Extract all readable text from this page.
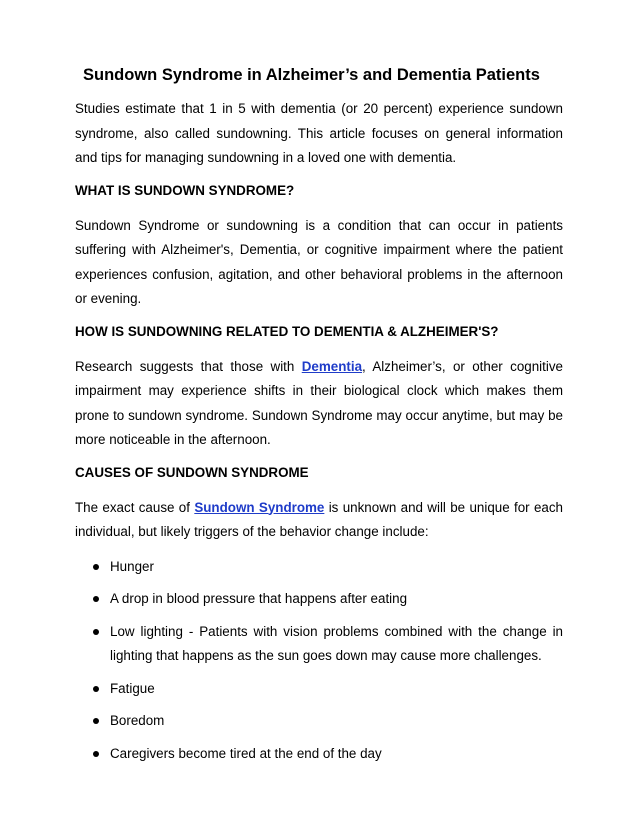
Sundown Syndrome in Alzheimer’s and Dementia Patients

Studies estimate that 1 in 5 with dementia (or 20 percent) experience sundown syndrome, also called sundowning. This article focuses on general information and tips for managing sundowning in a loved one with dementia.

WHAT IS SUNDOWN SYNDROME?

Sundown Syndrome or sundowning is a condition that can occur in patients suffering with Alzheimer's, Dementia, or cognitive impairment where the patient experiences confusion, agitation, and other behavioral problems in the afternoon or evening.

HOW IS SUNDOWNING RELATED TO DEMENTIA & ALZHEIMER'S?

Research suggests that those with Dementia, Alzheimer’s, or other cognitive impairment may experience shifts in their biological clock which makes them prone to sundown syndrome. Sundown Syndrome may occur anytime, but may be more noticeable in the afternoon.

CAUSES OF SUNDOWN SYNDROME

The exact cause of Sundown Syndrome is unknown and will be unique for each individual, but likely triggers of the behavior change include:

Hunger
A drop in blood pressure that happens after eating
Low lighting - Patients with vision problems combined with the change in lighting that happens as the sun goes down may cause more challenges.
Fatigue
Boredom
Caregivers become tired at the end of the day
